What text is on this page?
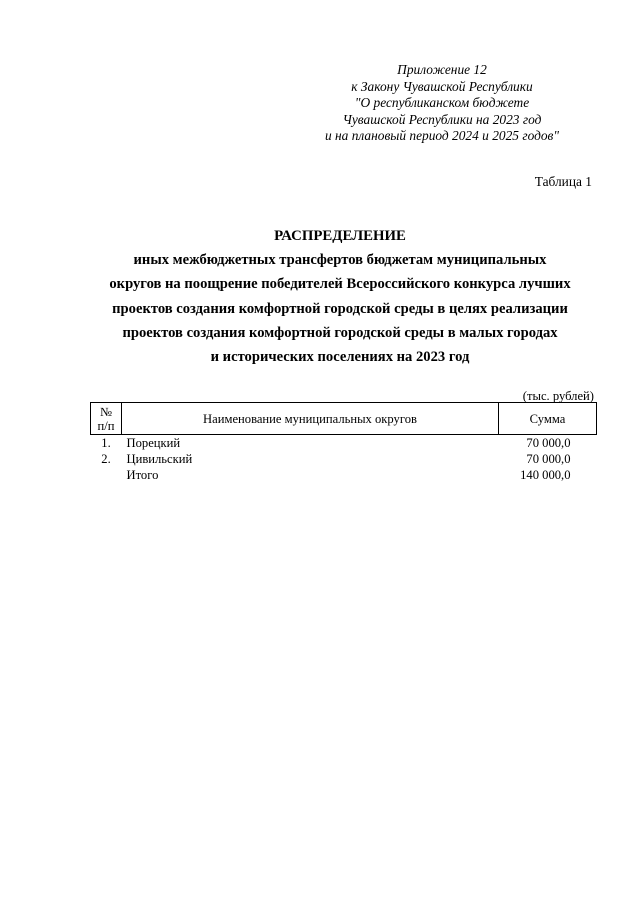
Приложение 12
к Закону Чувашской Республики
"О республиканском бюджете
Чувашской Республики на 2023 год
и на плановый период 2024 и 2025 годов"
Таблица 1
РАСПРЕДЕЛЕНИЕ
иных межбюджетных трансфертов бюджетам муниципальных
округов на поощрение победителей Всероссийского конкурса лучших
проектов создания комфортной городской среды в целях реализации
проектов создания комфортной городской среды в малых городах
и исторических поселениях на 2023 год
(тыс. рублей)
№
п/п	Наименование муниципальных округов	Сумма
1.	Порецкий	70 000,0
2.	Цивильский	70 000,0
	Итого	140 000,0
